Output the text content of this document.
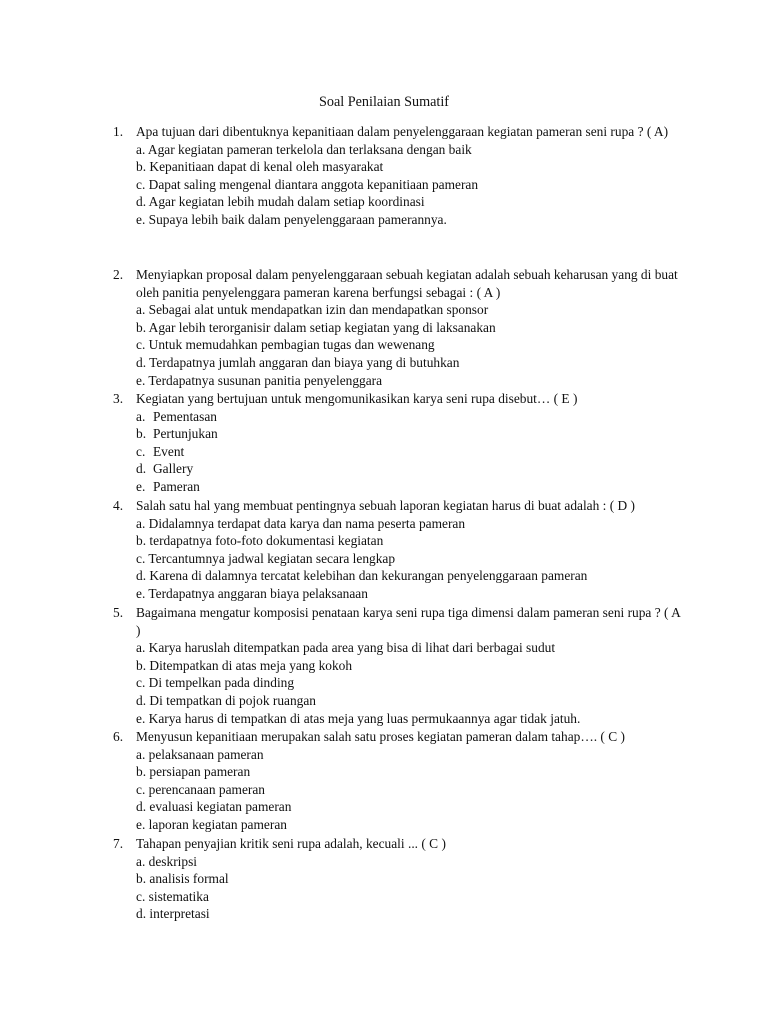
Soal Penilaian Sumatif
1. Apa tujuan dari dibentuknya kepanitiaan dalam penyelenggaraan kegiatan pameran seni rupa ? ( A)
a. Agar kegiatan pameran terkelola dan terlaksana dengan baik
b. Kepanitiaan dapat di kenal oleh masyarakat
c. Dapat saling mengenal diantara anggota kepanitiaan pameran
d. Agar kegiatan lebih mudah dalam setiap koordinasi
e. Supaya lebih baik dalam penyelenggaraan pamerannya.
2. Menyiapkan proposal dalam penyelenggaraan sebuah kegiatan adalah sebuah keharusan yang di buat oleh panitia penyelenggara pameran karena berfungsi sebagai : ( A )
a. Sebagai alat untuk mendapatkan izin dan mendapatkan sponsor
b. Agar lebih terorganisir dalam setiap kegiatan yang di laksanakan
c. Untuk memudahkan pembagian tugas dan wewenang
d. Terdapatnya jumlah anggaran dan biaya yang di butuhkan
e. Terdapatnya susunan panitia penyelenggara
3. Kegiatan yang bertujuan untuk mengomunikasikan karya seni rupa disebut… ( E )
a. Pementasan
b. Pertunjukan
c. Event
d. Gallery
e. Pameran
4. Salah satu hal yang membuat pentingnya sebuah laporan kegiatan harus di buat adalah : ( D )
a. Didalamnya terdapat data karya dan nama peserta pameran
b. terdapatnya foto-foto dokumentasi kegiatan
c. Tercantumnya jadwal kegiatan secara lengkap
d. Karena di dalamnya tercatat kelebihan dan kekurangan penyelenggaraan pameran
e. Terdapatnya anggaran biaya pelaksanaan
5. Bagaimana mengatur komposisi penataan karya seni rupa tiga dimensi dalam pameran seni rupa ? ( A )
a. Karya haruslah ditempatkan pada area yang bisa di lihat dari berbagai sudut
b. Ditempatkan di atas meja yang kokoh
c. Di tempelkan pada dinding
d. Di tempatkan di pojok ruangan
e. Karya harus di tempatkan di atas meja yang luas permukaannya agar tidak jatuh.
6. Menyusun kepanitiaan merupakan salah satu proses kegiatan pameran dalam tahap…. ( C )
a. pelaksanaan pameran
b. persiapan pameran
c. perencanaan pameran
d. evaluasi kegiatan pameran
e. laporan kegiatan pameran
7. Tahapan penyajian kritik seni rupa adalah, kecuali ... ( C )
a. deskripsi
b. analisis formal
c. sistematika
d. interpretasi
